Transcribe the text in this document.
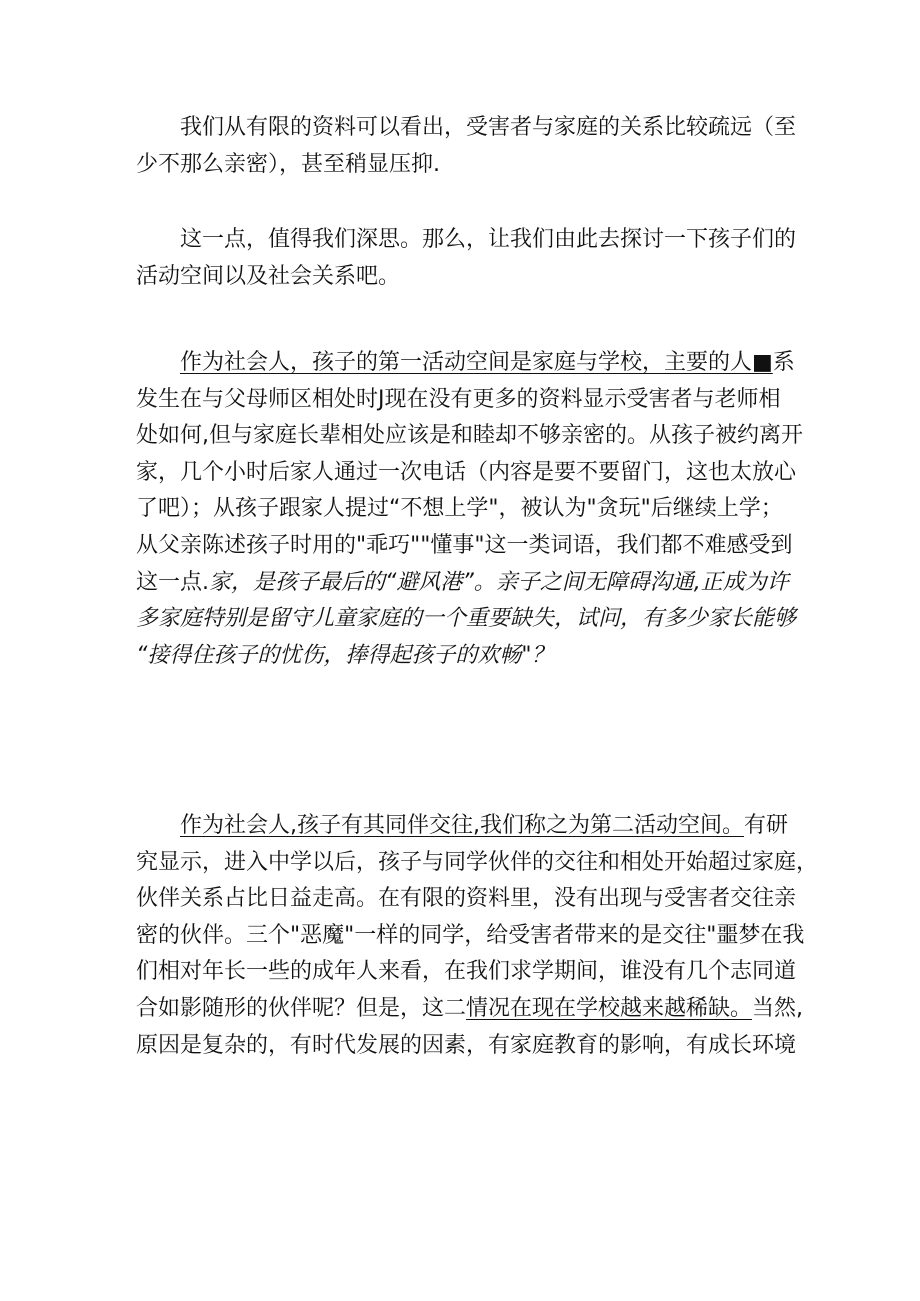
我们从有限的资料可以看出，受害者与家庭的关系比较疏远（至
少不那么亲密），甚至稍显压抑.

这一点，值得我们深思。那么，让我们由此去探讨一下孩子们的
活动空间以及社会关系吧。

作为社会人，孩子的第一活动空间是家庭与学校，主要的人■系
发生在与父母师区相处时J现在没有更多的资料显示受害者与老师相
处如何,但与家庭长辈相处应该是和睦却不够亲密的。从孩子被约离开
家，几个小时后家人通过一次电话（内容是要不要留门，这也太放心
了吧）；从孩子跟家人提过“不想上学"，被认为"贪玩"后继续上学；
从父亲陈述孩子时用的"乖巧""懂事"这一类词语，我们都不难感受到
这一点.家，是孩子最后的“避风港”。亲子之间无障碍沟通,正成为许
多家庭特别是留守儿童家庭的一个重要缺失，试问，有多少家长能够
“接得住孩子的忧伤，捧得起孩子的欢畅"？

作为社会人,孩子有其同伴交往,我们称之为第二活动空间。有研
究显示，进入中学以后，孩子与同学伙伴的交往和相处开始超过家庭，
伙伴关系占比日益走高。在有限的资料里，没有出现与受害者交往亲
密的伙伴。三个"恶魔"一样的同学，给受害者带来的是交往"噩梦在我
们相对年长一些的成年人来看，在我们求学期间，谁没有几个志同道
合如影随形的伙伴呢？但是，这二情况在现在学校越来越稀缺。当然,
原因是复杂的，有时代发展的因素，有家庭教育的影响，有成长环境
